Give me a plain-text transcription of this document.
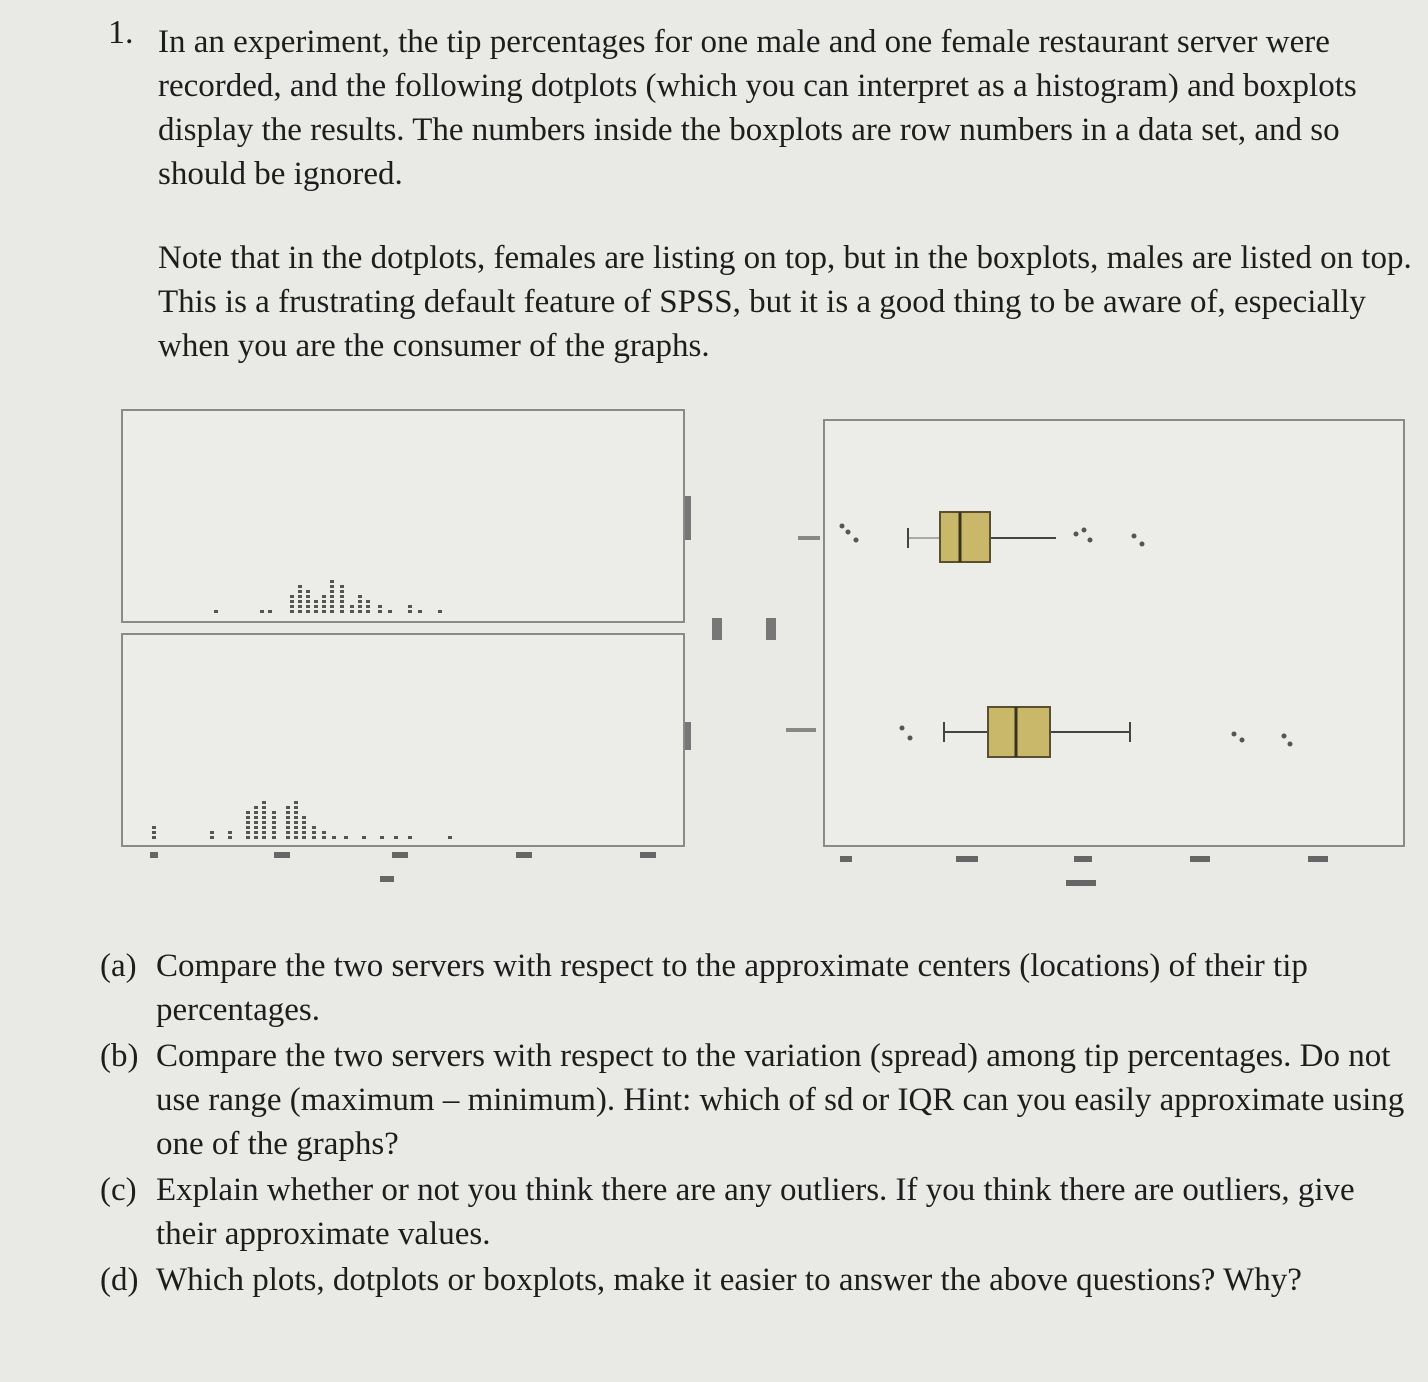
1. In an experiment, the tip percentages for one male and one female restaurant server were recorded, and the following dotplots (which you can interpret as a histogram) and boxplots display the results. The numbers inside the boxplots are row numbers in a data set, and so should be ignored.

Note that in the dotplots, females are listing on top, but in the boxplots, males are listed on top. This is a frustrating default feature of SPSS, but it is a good thing to be aware of, especially when you are the consumer of the graphs.

(a) Compare the two servers with respect to the approximate centers (locations) of their tip percentages.
(b) Compare the two servers with respect to the variation (spread) among tip percentages. Do not use range (maximum – minimum). Hint: which of sd or IQR can you easily approximate using one of the graphs?
(c) Explain whether or not you think there are any outliers. If you think there are outliers, give their approximate values.
(d) Which plots, dotplots or boxplots, make it easier to answer the above questions? Why?
